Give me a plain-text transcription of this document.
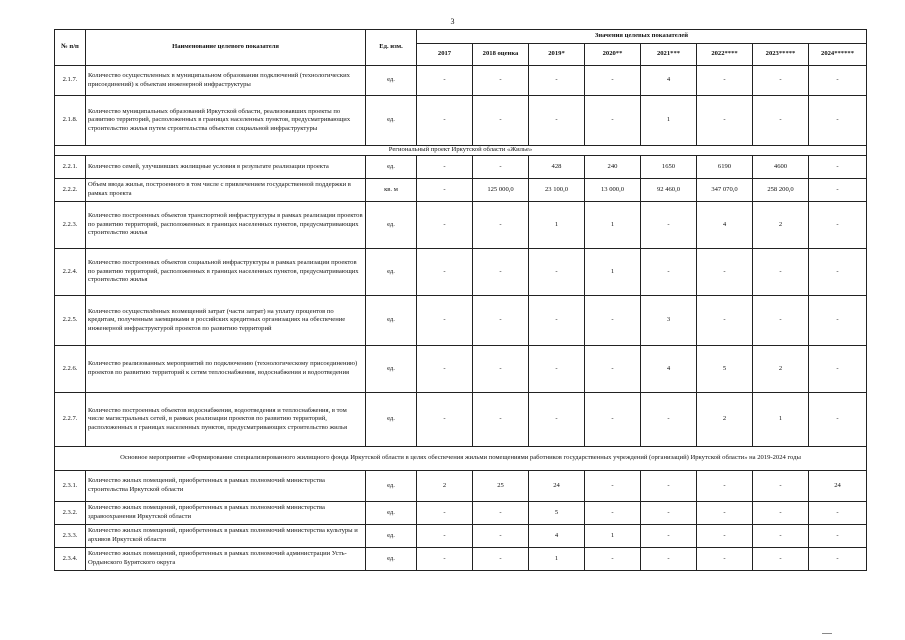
3
№ п/п	Наименование целевого показателя	Ед. изм.	Значения целевых показателей							
			2017	2018 оценка	2019*	2020**	2021***	2022****	2023*****	2024******
2.1.7.	Количество осуществленных в муниципальном образовании подключений (технологических присоединений) к объектам инженерной инфраструктуры	ед.	-	-	-	-	4	-	-	-
2.1.8.	Количество муниципальных образований Иркутской области, реализовавших проекты по развитию территорий, расположенных в границах населенных пунктов, предусматривающих строительство жилья путем строительства объектов социальной инфраструктуры	ед.	-	-	-	-	1	-	-	-
Региональный проект Иркутской области «Жилье»										
2.2.1.	Количество семей, улучшивших жилищные условия в результате реализации проекта	ед.	-	-	428	240	1650	6190	4600	-
2.2.2.	Объем ввода жилья, построенного в том числе с привлечением государственной поддержки в рамках проекта	кв. м	-	125 000,0	23 100,0	13 000,0	92 460,0	347 070,0	258 200,0	-
2.2.3.	Количество построенных объектов транспортной инфраструктуры в рамках реализации проектов по развитию территорий, расположенных в границах населенных пунктов, предусматривающих строительство жилья	ед.	-	-	1	1	-	4	2	-
2.2.4.	Количество построенных объектов социальной инфраструктуры в рамках реализации проектов по развитию территорий, расположенных в границах населенных пунктов, предусматривающих строительство жилья	ед.	-	-	-	1	-	-	-	-
2.2.5.	Количество осуществлённых возмещений затрат (части затрат) на уплату процентов по кредитам, полученным заемщиками в российских кредитных организациях на обеспечение инженерной инфраструктурой проектов по развитию территорий	ед.	-	-	-	-	3	-	-	-
2.2.6.	Количество реализованных мероприятий по подключению (технологическому присоединению) проектов по развитию территорий к сетям теплоснабжения, водоснабжения и водоотведения	ед.	-	-	-	-	4	5	2	-
2.2.7.	Количество построенных объектов водоснабжения, водоотведения и теплоснабжения, в том числе магистральных сетей, в рамках реализации проектов по развитию территорий, расположенных в границах населенных пунктов, предусматривающих строительство жилья	ед.	-	-	-	-	-	2	1	-
Основное мероприятие «Формирование специализированного жилищного фонда Иркутской области в целях обеспечения жильми помещениями работников государственных учреждений (организаций) Иркутской области» на 2019-2024 годы										
2.3.1.	Количество жилых помещений, приобретенных в рамках полномочий министерства строительства Иркутской области	ед.	2	25	24	-	-	-	-	24
2.3.2.	Количество жилых помещений, приобретенных в рамках полномочий министерства здравоохранения Иркутской области	ед.	-	-	5	-	-	-	-	-
2.3.3.	Количество жилых помещений, приобретенных в рамках полномочий министерства культуры и архивов Иркутской области	ед.	-	-	4	1	-	-	-	-
2.3.4.	Количество жилых помещений, приобретенных в рамках полномочий администрации Усть-Ордынского Бурятского округа	ед.	-	-	1	-	-	-	-	-
